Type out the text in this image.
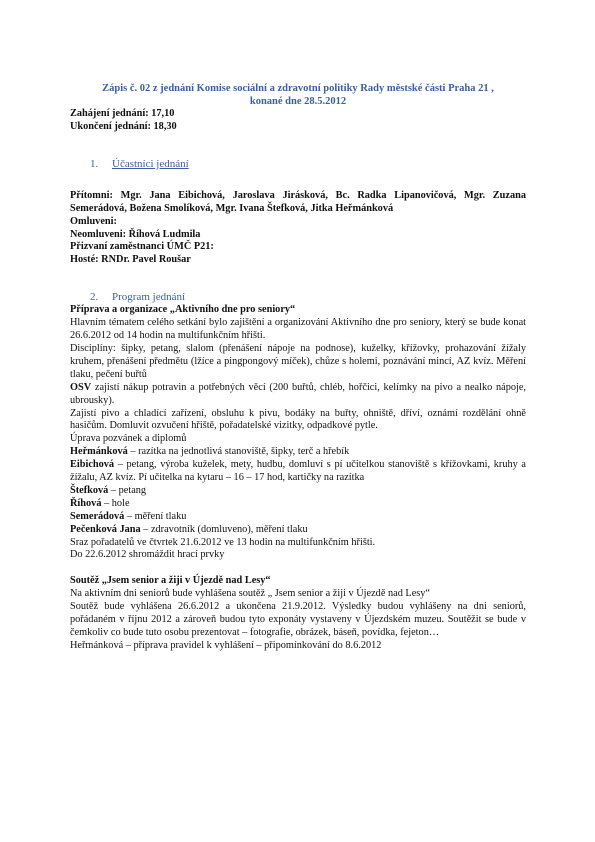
Zápis č. 02 z jednání Komise sociální a zdravotní politiky Rady městské části Praha 21 ,
konané dne 28.5.2012

Zahájení jednání: 17,10
Ukončení jednání: 18,30
1. Účastníci jednání
Přítomni: Mgr. Jana Eibichová, Jaroslava Jirásková, Bc. Radka Lipanovičová, Mgr. Zuzana Semerádová, Božena Smolíková, Mgr. Ivana Štefková, Jitka Heřmánková
Omluveni:
Neomluveni: Říhová Ludmila
Přizvaní zaměstnanci ÚMČ P21:
Hosté: RNDr. Pavel Roušar
2. Program jednání
Příprava a organizace „Aktivního dne pro seniory“
Hlavním tématem celého setkání bylo zajištění a organizování Aktivního dne pro seniory, který se bude konat 26.6.2012 od 14 hodin na multifunkčním hřišti.
Disciplíny: šipky, petang, slalom (přenášení nápoje na podnose), kuželky, křížovky, prohazování žížaly kruhem, přenášení předmětu (lžíce a pingpongový míček), chůze s holemi, poznávání mincí, AZ kvíz. Měření tlaku, pečení buřtů
OSV zajistí nákup potravin a potřebných věcí (200 buřtů, chléb, hořčici, kelímky na pivo a nealko nápoje, ubrousky).
Zajistí pivo a chladící zařízení, obsluhu k pivu, bodáky na buřty, ohniště, dříví, oznámí rozdělání ohně hasičům. Domluvit ozvučení hřiště, pořadatelské vizitky, odpadkové pytle.
Úprava pozvánek a diplomů
Heřmánková – razítka na jednotlivá stanoviště, šipky, terč a hřebík
Eibichová – petang, výroba kuželek, mety, hudbu, domluví s pí učitelkou stanoviště s křížovkami, kruhy a žížalu, AZ kvíz. Pí učitelka na kytaru – 16 – 17 hod, kartičky na razítka
Štefková – petang
Říhová – hole
Semerádová – měření tlaku
Pečenková Jana – zdravotník (domluveno), měření tlaku
Sraz pořadatelů ve čtvrtek 21.6.2012 ve 13 hodin na multifunkčním hřišti.
Do 22.6.2012 shromáždit hrací prvky
Soutěž „Jsem senior a žiji v Újezdě nad Lesy“
Na aktivním dni seniorů bude vyhlášena soutěž „ Jsem senior a žiji v Újezdě nad Lesy“
Soutěž bude vyhlášena 26.6.2012 a ukončena 21.9.2012. Výsledky budou vyhlášeny na dni seniorů, pořádaném v říjnu 2012 a zároveň budou tyto exponáty vystaveny v Újezdském muzeu. Soutěžit se bude v čemkoliv co bude tuto osobu prezentovat – fotografie, obrázek, báseň, povídka, fejeton…
Heřmánková – příprava pravidel k vyhlášení – připomínkování do 8.6.2012
